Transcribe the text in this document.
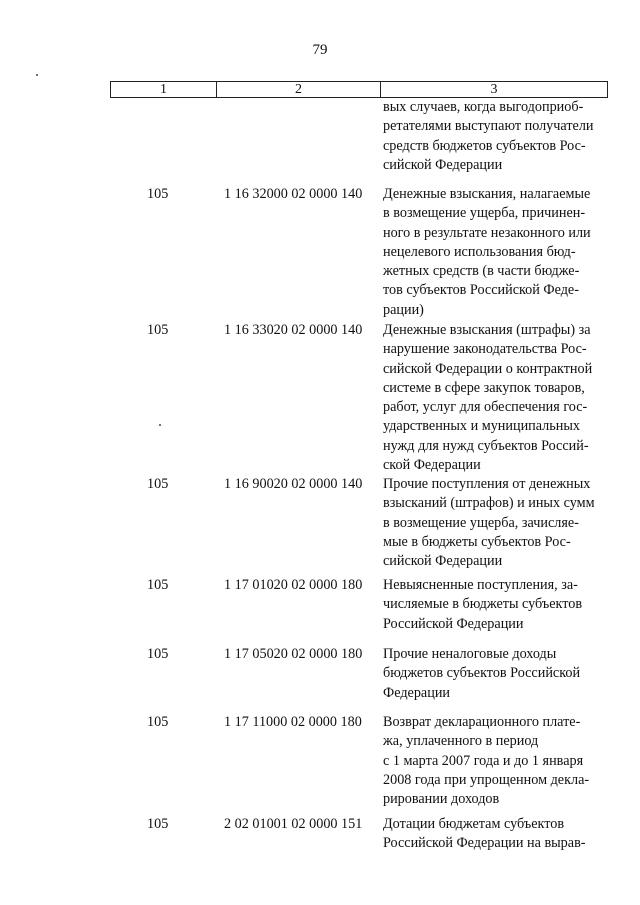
79
1	2	3
вых случаев, когда выгодоприоб-
ретателями выступают получатели
средств бюджетов субъектов Рос-
сийской Федерации
105	1 16 32000 02 0000 140 Денежные взыскания, налагаемые
в возмещение ущерба, причинен-
ного в результате незаконного или
нецелевого использования бюд-
жетных средств (в части бюдже-
тов субъектов Российской Феде-
рации)
105	1 16 33020 02 0000 140 Денежные взыскания (штрафы) за
нарушение законодательства Рос-
сийской Федерации о контрактной
системе в сфере закупок товаров,
работ, услуг для обеспечения гос-
ударственных и муниципальных
нужд для нужд субъектов Россий-
ской Федерации
105	1 16 90020 02 0000 140 Прочие поступления от денежных
взысканий (штрафов) и иных сумм
в возмещение ущерба, зачисляе-
мые в бюджеты субъектов Рос-
сийской Федерации
105	1 17 01020 02 0000 180 Невыясненные поступления, за-
числяемые в бюджеты субъектов
Российской Федерации
105	1 17 05020 02 0000 180 Прочие неналоговые доходы
бюджетов субъектов Российской
Федерации
105	1 17 11000 02 0000 180 Возврат декларационного плате-
жа, уплаченного в период
с 1 марта 2007 года и до 1 января
2008 года при упрощенном декла-
рировании доходов
105	2 02 01001 02 0000 151 Дотации бюджетам субъектов
Российской Федерации на вырав-
